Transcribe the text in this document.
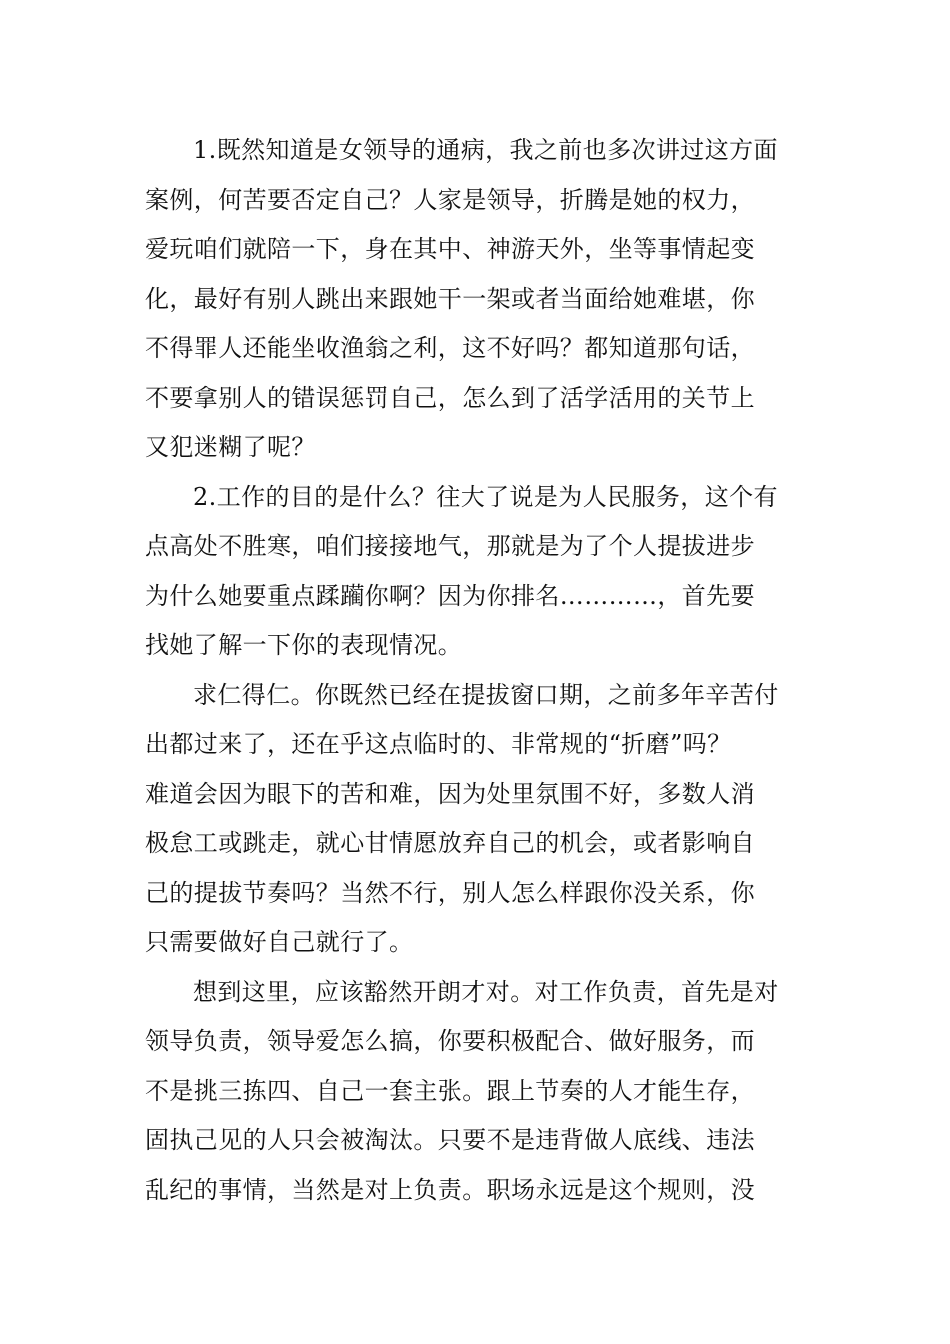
1.既然知道是女领导的通病，我之前也多次讲过这方面
案例，何苦要否定自己？人家是领导，折腾是她的权力，
爱玩咱们就陪一下，身在其中、神游天外，坐等事情起变
化，最好有别人跳出来跟她干一架或者当面给她难堪，你
不得罪人还能坐收渔翁之利，这不好吗？都知道那句话，
不要拿别人的错误惩罚自己，怎么到了活学活用的关节上
又犯迷糊了呢？
2.工作的目的是什么？往大了说是为人民服务，这个有
点高处不胜寒，咱们接接地气，那就是为了个人提拔进步
为什么她要重点蹂躏你啊？因为你排名…………，首先要
找她了解一下你的表现情况。
求仁得仁。你既然已经在提拔窗口期，之前多年辛苦付
出都过来了，还在乎这点临时的、非常规的“折磨”吗？
难道会因为眼下的苦和难，因为处里氛围不好，多数人消
极怠工或跳走，就心甘情愿放弃自己的机会，或者影响自
己的提拔节奏吗？当然不行，别人怎么样跟你没关系，你
只需要做好自己就行了。
想到这里，应该豁然开朗才对。对工作负责，首先是对
领导负责，领导爱怎么搞，你要积极配合、做好服务，而
不是挑三拣四、自己一套主张。跟上节奏的人才能生存，
固执己见的人只会被淘汰。只要不是违背做人底线、违法
乱纪的事情，当然是对上负责。职场永远是这个规则，没
